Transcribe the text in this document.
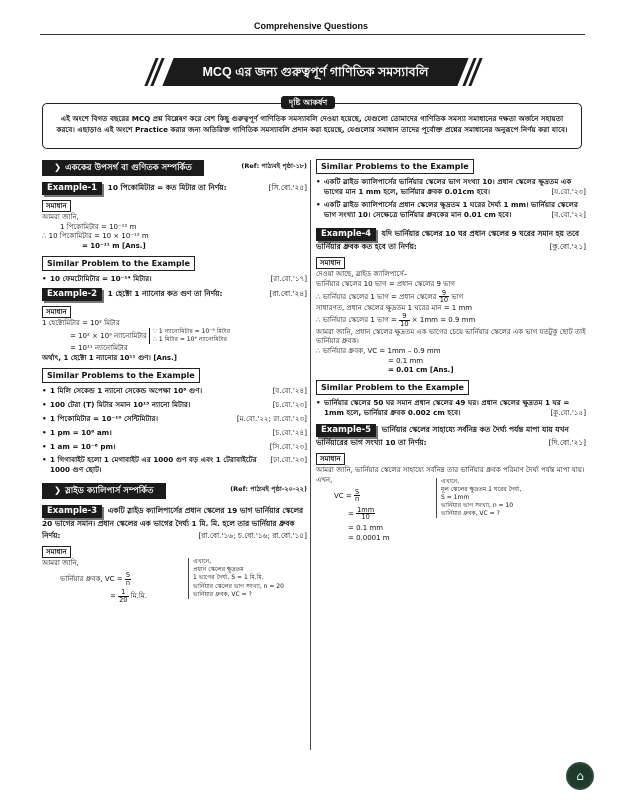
Comprehensive Questions
MCQ এর জন্য গুরুত্বপূর্ণ গাণিতিক সমস্যাবলি
দৃষ্টি আকর্ষণ
এই অংশে বিগত বছরের MCQ প্রশ্ন বিশ্লেষণ করে বেশ কিছু গুরুত্বপূর্ণ গাণিতিক সমস্যাবলি দেওয়া হয়েছে, যেগুলো তোমাদের গাণিতিক সমস্যা সমাধানের দক্ষতা অর্জনে সহায়তা করবে। এছাড়াও এই অংশে Practice করার জন্য অতিরিক্ত গাণিতিক সমস্যাবলি প্রদান করা হয়েছে, যেগুলোর সমাধান তাদের পূর্বোক্ত প্রশ্নের সমাধানের অনুরূপে নির্ণয় করা যাবে।
❯ এককের উপসর্গ বা গুণিতক সম্পর্কিত	(Ref: পাঠ্যবই পৃষ্ঠা-১৮)
Example-1 10 পিকোমিটার = কত মিটার তা নির্ণয়:	[সি.বো.'২৫]
সমাধান
আমরা জানি,
1 পিকোমিটার = 10⁻¹² m
∴ 10 পিকোমিটার = 10 × 10⁻¹² m
= 10⁻¹¹ m [Ans.]
Similar Problem to the Example
• 10 ফেমটোমিটার = 10⁻¹⁴ মিটার।	[রা.বো.'১৭]
Example-2 1 হেক্টো 1 ন্যানোর কত গুণ তা নির্ণয়:	[রা.বো.'২৪]
সমাধান
1 হেক্টোমিটার = 10² মিটার
= 10² × 10⁹ ন্যানোমিটার ∵ 1 ন্যানোমিটার = 10⁻⁹ মিটার
∴ 1 মিটার = 10⁹ ন্যানোমিটার
= 10¹¹ ন্যানোমিটার
অর্থাৎ, 1 হেক্টো 1 ন্যানোর 10¹¹ গুণ। [Ans.]
Similar Problems to the Example
• 1 মিলি সেকেন্ড 1 ন্যানো সেকেন্ড অপেক্ষা 10⁶ গুণ।	[ব.বো.'২৪]
• 100 টেরা (T) মিটার সমান 10¹⁵ ন্যানো মিটার।	[চ.বো.'২৩]
• 1 পিকোমিটার = 10⁻¹⁰ সেন্টিমিটার।	[ম.বো.'২২; রা.বো.'২৩]
• 1 pm = 10⁶ am।	[চ.বো.'২৪]
• 1 am = 10⁻⁶ pm।	[সি.বো.'২৩]
• [ঢা.বো.'২৩]
1 গিগাবাইট হলো 1 মেগাবাইট এর 1000 গুণ বড় এবং 1 টেরাবাইটের 1000 গুণ ছোট।
❯ স্লাইড ক্যালিপার্স সম্পর্কিত	(Ref: পাঠ্যবই পৃষ্ঠা-২০-২২)
Example-3 একটি স্লাইড ক্যালিপার্সের প্রধান স্কেলের 19 ভাগ ভার্নিয়ার স্কেলের 20 ভাগের সমান। প্রধান স্কেলের এক ভাগের দৈর্ঘ্য 1 মি. মি. হলে তার ভার্নিয়ার ধ্রুবক নির্ণয়:	[রা.বো.'১৬; চ.বো.'১৬; রা.বো.'১৫]
সমাধান
আমরা জানি,
ভার্নিয়ার ধ্রুবক, VC = $\frac{S}{n}$
= $\frac{1}{20}$ মি.মি.
এখানে,
প্রধান স্কেলের ক্ষুদ্রতম
1 ভাগের দৈর্ঘ্য, S = 1 মি.মি.
ভার্নিয়ার স্কেলের ভাগ সংখ্যা, n = 20
ভার্নিয়ার ধ্রুবক, VC = ?
Similar Problems to the Example
• একটি স্লাইড ক্যালিপার্সের ভার্নিয়ার স্কেলের ভাগ সংখ্যা 10। প্রধান স্কেলের ক্ষুদ্রতম এক ভাগের মান 1 mm হলে, ভার্নিয়ার ধ্রুবক 0.01cm হবে।	[য.বো.'২৩]
• একটি স্লাইড ক্যালিপার্সের প্রধান স্কেলের ক্ষুদ্রতম 1 ঘরের দৈর্ঘ্য 1 mm। ভার্নিয়ার স্কেলের ভাগ সংখ্যা 10। সেক্ষেত্রে ভার্নিয়ার ধ্রুবকের মান 0.01 cm হবে।	[ব.বো.'২২]
Example-4 যদি ভার্নিয়ার স্কেলের 10 ঘর প্রধান স্কেলের 9 ঘরের সমান হয় তবে ভার্নিয়ার ধ্রুবক কত হবে তা নির্ণয়:	[কু.বো.'২১]
সমাধান
দেওয়া আছে, স্লাইড ক্যালিপার্সে–
ভার্নিয়ার স্কেলের 10 ভাগ = প্রধান স্কেলের 9 ভাগ
∴ ভার্নিয়ার স্কেলের 1 ভাগ = প্রধান স্কেলের $\frac{9}{10}$ ভাগ
সাধারণত, প্রধান স্কেলের ক্ষুদ্রতম 1 ঘরের মান = 1 mm
∴ ভার্নিয়ার স্কেলের 1 ভাগ = $\frac{9}{10} \times 1mm = 0.9$ mm
আমরা জানি, প্রধান স্কেলের ক্ষুদ্রতম এক ভাগের চেয়ে ভার্নিয়ার স্কেলের এক ভাগ যতটুকু ছোট তাই ভার্নিয়ার ধ্রুবক।
∴ ভার্নিয়ার ধ্রুবক, VC = 1mm – 0.9 mm
= 0.1 mm
= 0.01 cm [Ans.]
Similar Problem to the Example
• ভার্নিয়ার স্কেলের 50 ঘর সমান প্রধান স্কেলের 49 ঘর। প্রধান স্কেলের ক্ষুদ্রতম 1 ঘর = 1mm হলে, ভার্নিয়ার ধ্রুবক 0.002 cm হবে।	[কু.বো.'১৫]
Example-5 ভার্নিয়ার স্কেলের সাহায্যে সর্বনিম্ন কত দৈর্ঘ্য পর্যন্ত মাপা যায় যখন ভার্নিয়ারের ভাগ সংখ্যা 10 তা নির্ণয়:	[দি.বো.'২১]
সমাধান
আমরা জানি, ভার্নিয়ার স্কেলের সাহায্যে সর্বনিম্ন তার ভার্নিয়ার ধ্রুবক পরিমাণ দৈর্ঘ্য পর্যন্ত মাপা যায়।
এখন,
VC = $\frac{S}{n}$
= $\frac{1mm}{10}$
= 0.1 mm
= 0.0001 m
এখানে,
মূল স্কেলের ক্ষুদ্রতম 1 ঘরের দৈর্ঘ্য,
S = 1mm
ভার্নিয়ার ভাগ সংখ্যা, n = 10
ভার্নিয়ার ধ্রুবক, VC = ?
⌂
